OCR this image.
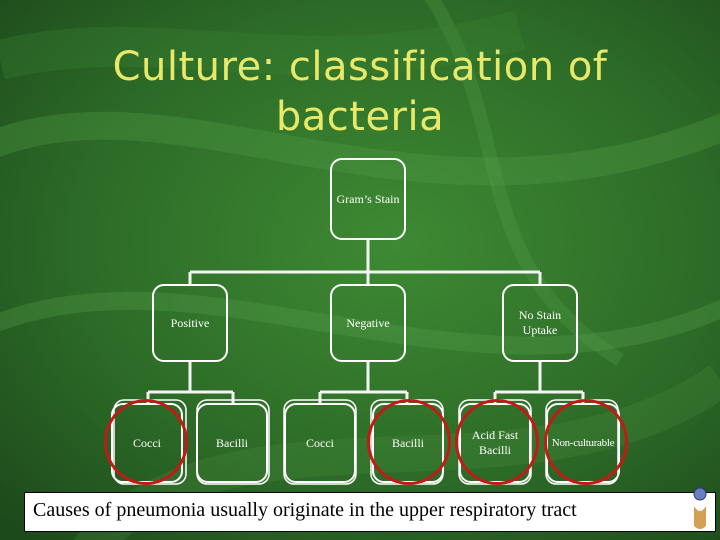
Culture: classification of
bacteria
Gram’s Stain
Positive	Negative
No Stain Uptake
Cocci	Bacilli	Cocci	Bacilli
Acid Fast Bacilli
Non-culturable
Causes of pneumonia usually originate in the upper respiratory tract
